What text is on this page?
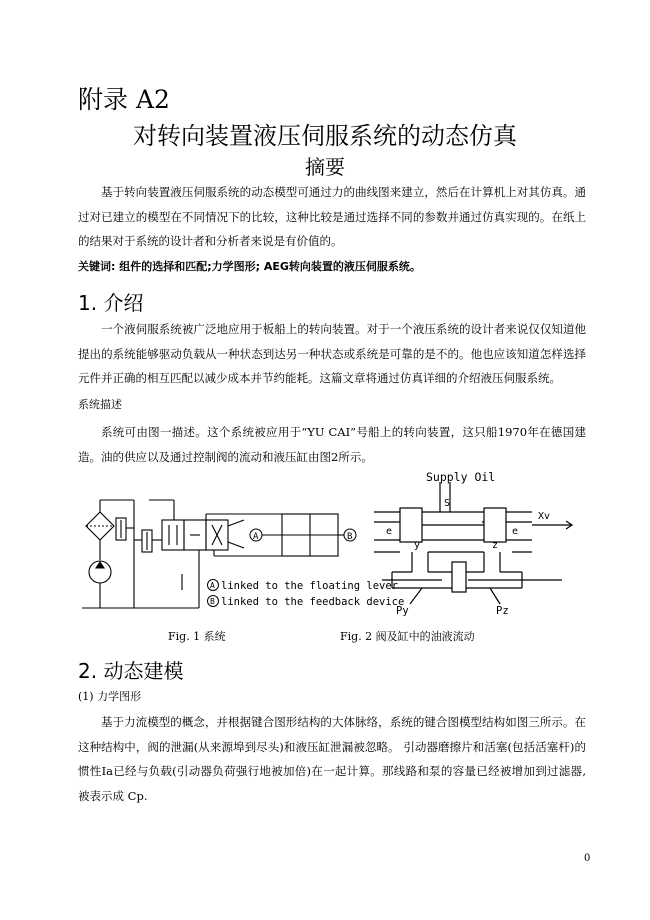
附录 A2
对转向装置液压伺服系统的动态仿真
摘要
基于转向装置液压伺服系统的动态模型可通过力的曲线图来建立，然后在计算机上对其仿真。通过对已建立的模型在不同情况下的比较，这种比较是通过选择不同的参数并通过仿真实现的。在纸上的结果对于系统的设计者和分析者来说是有价值的。
关键词: 组件的选择和匹配;力学图形; AEG转向装置的液压伺服系统。
1. 介绍
一个液伺服系统被广泛地应用于板船上的转向装置。对于一个液压系统的设计者来说仅仅知道他提出的系统能够驱动负载从一种状态到达另一种状态或系统是可靠的是不的。他也应该知道怎样选择元件并正确的相互匹配以减少成本并节约能耗。这篇文章将通过仿真详细的介绍液压伺服系统。
系统描述
系统可由图一描述。这个系统被应用于“YU CAI”号船上的转向装置，这只船1970年在德国建造。油的供应以及通过控制阀的流动和液压缸由图2所示。
A	B
A linked to the floating lever
B linked to the feedback device
Supply Oil
S
Xv
e	e
y	z
Py	Pz
Fig. 1 系统	Fig. 2 阀及缸中的油液流动
2. 动态建模
(1) 力学图形
基于力流模型的概念，并根据键合图形结构的大体脉络，系统的键合图模型结构如图三所示。在这种结构中，阀的泄漏(从来源埠到尽头)和液压缸泄漏被忽略。 引动器磨擦片和活塞(包括活塞杆)的惯性Ia已经与负载(引动器负荷强行地被加倍)在一起计算。那线路和泵的容量已经被增加到过滤器, 被表示成 Cp.
0
